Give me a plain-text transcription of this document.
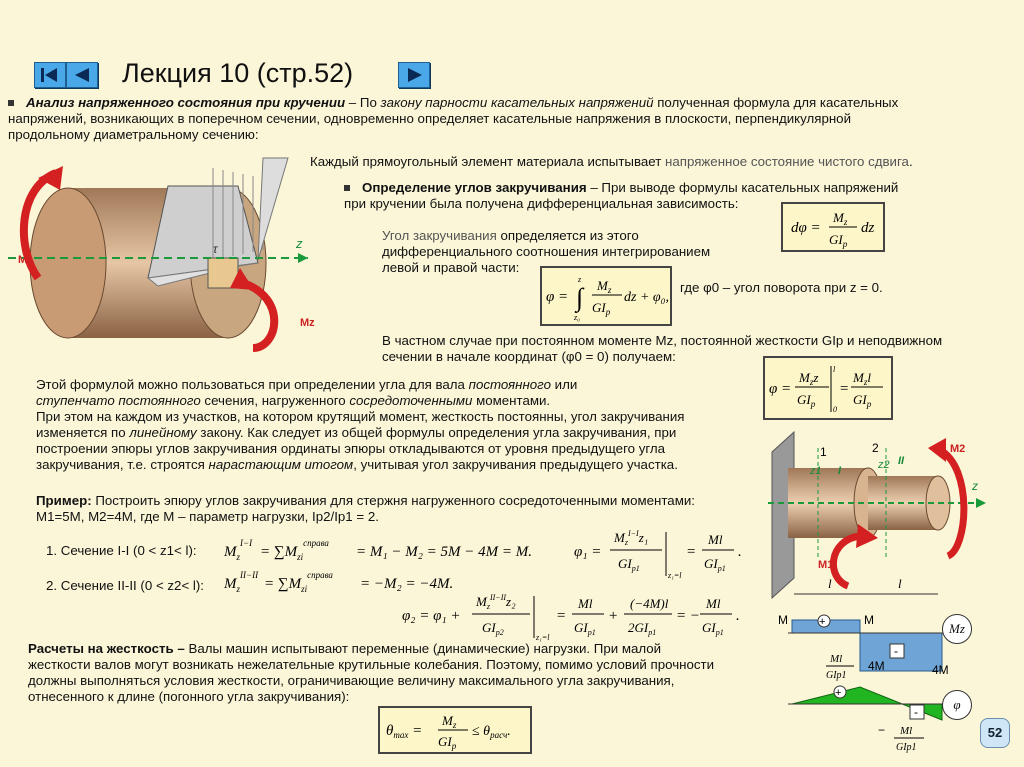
Лекция 10 (стр.52)
Анализ напряженного состояния при кручении – По закону парности касательных напряжений полученная формула для касательных
напряжений, возникающих в поперечном сечении, одновременно определяет касательные напряжения в плоскости, перпендикулярной
продольному диаметральному сечению:
z
τ
Mz
Mz
Каждый прямоугольный элемент материала испытывает напряженное состояние чистого сдвига.
Определение углов закручивания – При выводе формулы касательных напряжений
при кручении была получена дифференциальная зависимость:
dφ =
$M_z$
$GI_p$
dz
Угол закручивания определяется из этого
дифференциального соотношения интегрированием
левой и правой части:
φ = ∫
z
z₀
$M_z$
$GI_p$
dz + φ₀,
где φ0 – угол поворота при z = 0.
В частном случае при постоянном моменте Mz, постоянной жесткости GIp и неподвижном
сечении в начале координат (φ0 = 0) получаем:
φ =
$M_zz$
$GI_p$
l
0
=
$M_zl$
$GI_p$
Этой формулой можно пользоваться при определении угла для вала постоянного или
ступенчато постоянного сечения, нагруженного сосредоточенными моментами.
При этом на каждом из участков, на котором крутящий момент, жесткость постоянны, угол закручивания
изменяется по линейному закону. Как следует из общей формулы определения угла закручивания, при
построении эпюры углов закручивания ординаты эпюры откладываются от уровня предыдущего угла
закручивания, т.е. строятся нарастающим итогом, учитывая угол закручивания предыдущего участка.
Пример: Построить эпюру углов закручивания для стержня нагруженного сосредоточенными моментами:
M1=5M, M2=4M, где M – параметр нагрузки, Ip2/Ip1 = 2.
1. Сечение I-I (0 < z1< l): $M_z^{I-I}$
= $\sum M_{zi}^{справа}$
= M₁ − M₂ = 5M − 4M = M.	φ₁ =
$M_z^{I-I}z_1$
$GI_{p1}$
z₁=l
=
Ml
$GI_{p1}$
.
2. Сечение II-II (0 < z2< l): $M_z^{II-II}$
= $\sum M_{zi}^{справа}$
= −M₂ = −4M.
φ₂ = φ₁ +
$M_z^{II-II}z_2$
$GI_{p2}$
z₁=l
=
Ml
$GI_{p1}$
+
(−4M)l
$2GI_{p1}$
= −
Ml
$GI_{p1}$
.
Расчеты на жесткость – Валы машин испытывают переменные (динамические) нагрузки. При малой
жесткости валов могут возникать нежелательные крутильные колебания. Поэтому, помимо условий прочности
должны выполняться условия жесткости, ограничивающие величину максимального угла закручивания,
отнесенного к длине (погонного угла закручивания):
$\theta_{max}$ =
$M_z$
$GI_p$
≤ $\theta_{расч}$.
z
1	2
z1	z2
I
II
M2
M1
l	l
M	M
+
-
4M	4M
+
-
Ml
GIp1
− Ml
GIp1
Mz
φ
52
